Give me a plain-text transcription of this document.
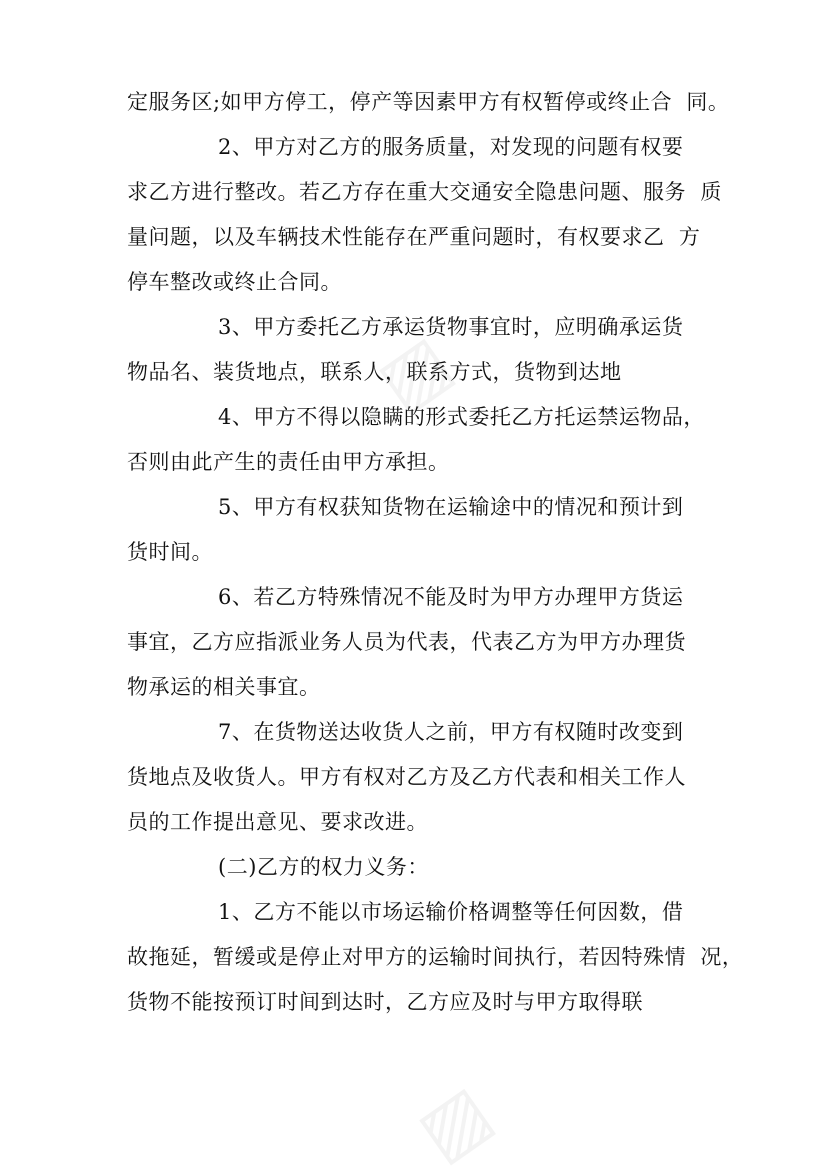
▨
▨
定服务区;如甲方停工，停产等因素甲方有权暂停或终止合  同。
2、甲方对乙方的服务质量，对发现的问题有权要
求乙方进行整改。若乙方存在重大交通安全隐患问题、服务  质
量问题，以及车辆技术性能存在严重问题时，有权要求乙  方
停车整改或终止合同。
3、甲方委托乙方承运货物事宜时，应明确承运货
物品名、装货地点，联系人，联系方式，货物到达地
4、甲方不得以隐瞒的形式委托乙方托运禁运物品，
否则由此产生的责任由甲方承担。
5、甲方有权获知货物在运输途中的情况和预计到
货时间。
6、若乙方特殊情况不能及时为甲方办理甲方货运
事宜，乙方应指派业务人员为代表，代表乙方为甲方办理货
物承运的相关事宜。
7、在货物送达收货人之前，甲方有权随时改变到
货地点及收货人。甲方有权对乙方及乙方代表和相关工作人
员的工作提出意见、要求改进。
(二)乙方的权力义务：
1、乙方不能以市场运输价格调整等任何因数，借
故拖延，暂缓或是停止对甲方的运输时间执行，若因特殊情  况，
货物不能按预订时间到达时，乙方应及时与甲方取得联
